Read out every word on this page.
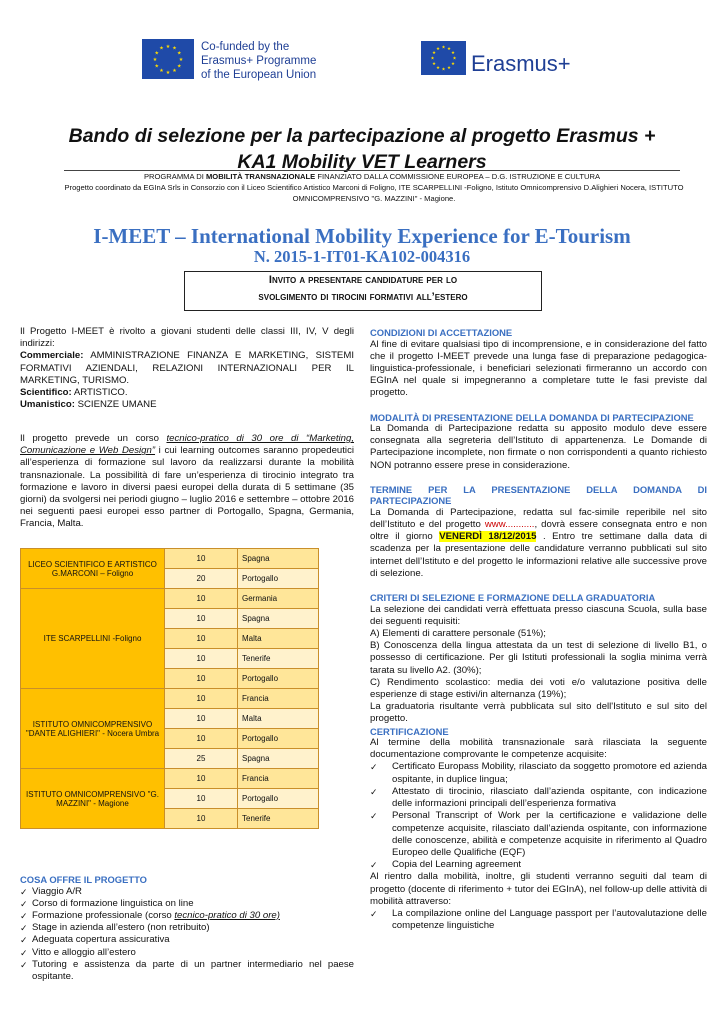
★
★
★
★
★
★
★
★
★ ★ ★
★
Co-funded by the
Erasmus+ Programme
of the European Union
★
★
★
★
★
★
★
★
★ ★ ★
★ Erasmus+
Bando di selezione per la partecipazione al progetto Erasmus +
KA1 Mobility VET Learners
PROGRAMMA DI MOBILITÀ TRANSNAZIONALE FINANZIATO DALLA COMMISSIONE EUROPEA – D.G. ISTRUZIONE E CULTURA
Progetto coordinato da EGInA Srls in Consorzio con il Liceo Scientifico Artistico Marconi di Foligno, ITE SCARPELLINI -Foligno, Istituto Omnicomprensivo D.Alighieri Nocera, ISTITUTO OMNICOMPRENSIVO "G. MAZZINI" - Magione.
I-MEET – International Mobility Experience for E-Tourism
N. 2015-1-IT01-KA102-004316
Invito a presentare candidature per lo
svolgimento di tirocini formativi all’estero
Il Progetto I-MEET è rivolto a giovani studenti delle classi III, IV, V degli indirizzi:
Commerciale: AMMINISTRAZIONE FINANZA E MARKETING, SISTEMI FORMATIVI AZIENDALI, RELAZIONI INTERNAZIONALI PER IL MARKETING, TURISMO.
Scientifico: ARTISTICO.
Umanistico: SCIENZE UMANE
Il progetto prevede un corso tecnico-pratico di 30 ore di “Marketing, Comunicazione e Web Design” i cui learning outcomes saranno propedeutici all’esperienza di formazione sul lavoro da realizzarsi durante la mobilità transnazionale. La possibilità di fare un’esperienza di tirocinio integrato tra formazione e lavoro in diversi paesi europei della durata di 5 settimane (35 giorni) da svolgersi nei periodi giugno – luglio 2016 e settembre – ottobre 2016 nei seguenti paesi europei esso partner di Portogallo, Spagna, Germania, Francia, Malta.
LICEO SCIENTIFICO E ARTISTICO G.MARCONI – Foligno	10	Spagna
	20	Portogallo
ITE SCARPELLINI -Foligno	10	Germania
	10	Spagna
	10	Malta
	10	Tenerife
	10	Portogallo
ISTITUTO OMNICOMPRENSIVO "DANTE ALIGHIERI" - Nocera Umbra	10	Francia
	10	Malta
	10	Portogallo
	25	Spagna
ISTITUTO OMNICOMPRENSIVO "G. MAZZINI" - Magione	10	Francia
	10	Portogallo
	10	Tenerife
COSA OFFRE IL PROGETTO
✓ Viaggio A/R
✓ Corso di formazione linguistica on line
✓ Formazione professionale (corso tecnico-pratico di 30 ore)
✓ Stage in azienda all’estero (non retribuito)
✓ Adeguata copertura assicurativa
✓ Vitto e alloggio all’estero
✓ Tutoring e assistenza da parte di un partner intermediario nel paese ospitante.
CONDIZIONI DI ACCETTAZIONE
Al fine di evitare qualsiasi tipo di incomprensione, e in considerazione del fatto che il progetto I-MEET prevede una lunga fase di preparazione pedagogica-linguistica-professionale, i beneficiari selezionati firmeranno un accordo con EGInA nel quale si impegneranno a completare tutte le fasi previste dal progetto.
MODALITÀ DI PRESENTAZIONE DELLA DOMANDA DI PARTECIPAZIONE
La Domanda di Partecipazione redatta su apposito modulo deve essere consegnata alla segreteria dell’Istituto di appartenenza. Le Domande di Partecipazione incomplete, non firmate o non corrispondenti a quanto richiesto NON potranno essere prese in considerazione.
TERMINE PER LA PRESENTAZIONE DELLA DOMANDA DI PARTECIPAZIONE
La Domanda di Partecipazione, redatta sul fac-simile reperibile nel sito dell’Istituto e del progetto www..........., dovrà essere consegnata entro e non oltre il giorno VENERDÌ 18/12/2015 . Entro tre settimane dalla data di scadenza per la presentazione delle candidature verranno pubblicati sul sito internet dell’Istituto e del progetto le informazioni relative alle successive prove di selezione.
CRITERI DI SELEZIONE E FORMAZIONE DELLA GRADUATORIA
La selezione dei candidati verrà effettuata presso ciascuna Scuola, sulla base dei seguenti requisiti:
A) Elementi di carattere personale (51%);
B) Conoscenza della lingua attestata da un test di selezione di livello B1, o possesso di certificazione. Per gli Istituti professionali la soglia minima verrà tarata su livello A2. (30%);
C) Rendimento scolastico: media dei voti e/o valutazione positiva delle esperienze di stage estivi/in alternanza (19%);
La graduatoria risultante verrà pubblicata sul sito dell'Istituto e sul sito del progetto.
CERTIFICAZIONE
Al termine della mobilità transnazionale sarà rilasciata la seguente documentazione comprovante le competenze acquisite:
✓ Certificato Europass Mobility, rilasciato da soggetto promotore ed azienda ospitante, in duplice lingua;
✓ Attestato di tirocinio, rilasciato dall’azienda ospitante, con indicazione delle informazioni principali dell’esperienza formativa
✓ Personal Transcript of Work per la certificazione e validazione delle competenze acquisite, rilasciato dall’azienda ospitante, con informazione delle conoscenze, abilità e competenze acquisite in riferimento al Quadro Europeo delle Qualifiche (EQF)
✓ Copia del Learning agreement
Al rientro dalla mobilità, inoltre, gli studenti verranno seguiti dal team di progetto (docente di riferimento + tutor dei EGInA), nel follow-up delle attività di mobilità attraverso:
✓ La compilazione online del Language passport per l’autovalutazione delle competenze linguistiche
